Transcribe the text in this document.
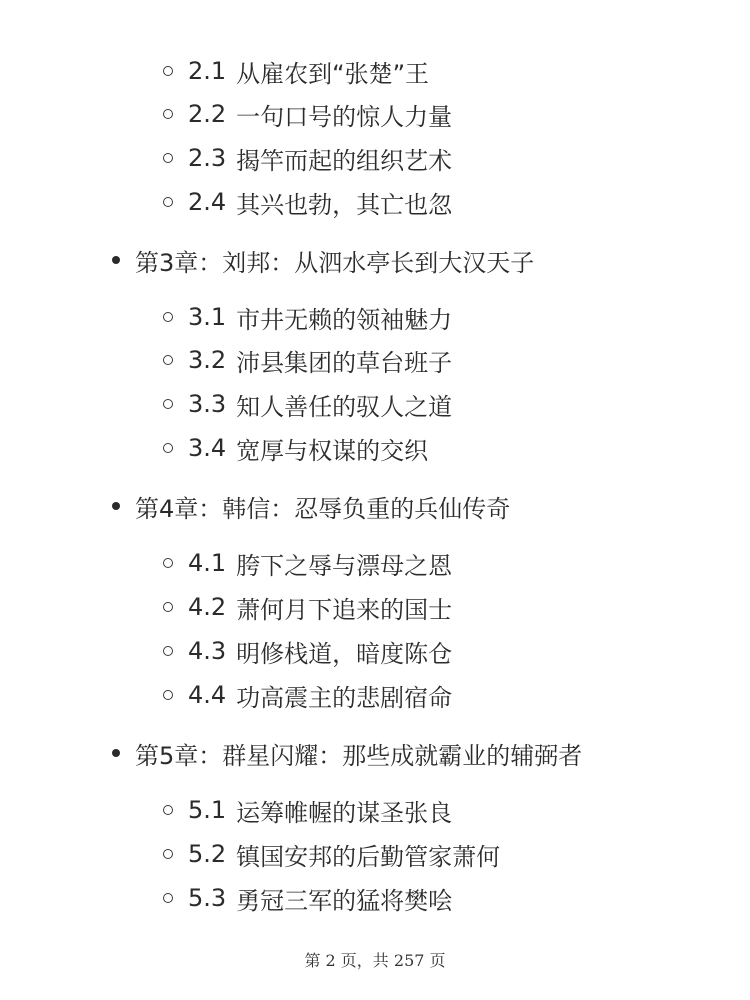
2.1 从雇农到“张楚”王
2.2 一句口号的惊人力量
2.3 揭竿而起的组织艺术
2.4 其兴也勃，其亡也忽
第3章：刘邦：从泗水亭长到大汉天子
3.1 市井无赖的领袖魅力
3.2 沛县集团的草台班子
3.3 知人善任的驭人之道
3.4 宽厚与权谋的交织
第4章：韩信：忍辱负重的兵仙传奇
4.1 胯下之辱与漂母之恩
4.2 萧何月下追来的国士
4.3 明修栈道，暗度陈仓
4.4 功高震主的悲剧宿命
第5章：群星闪耀：那些成就霸业的辅弼者
5.1 运筹帷幄的谋圣张良
5.2 镇国安邦的后勤管家萧何
5.3 勇冠三军的猛将樊哙
第 2 页，共 257 页
